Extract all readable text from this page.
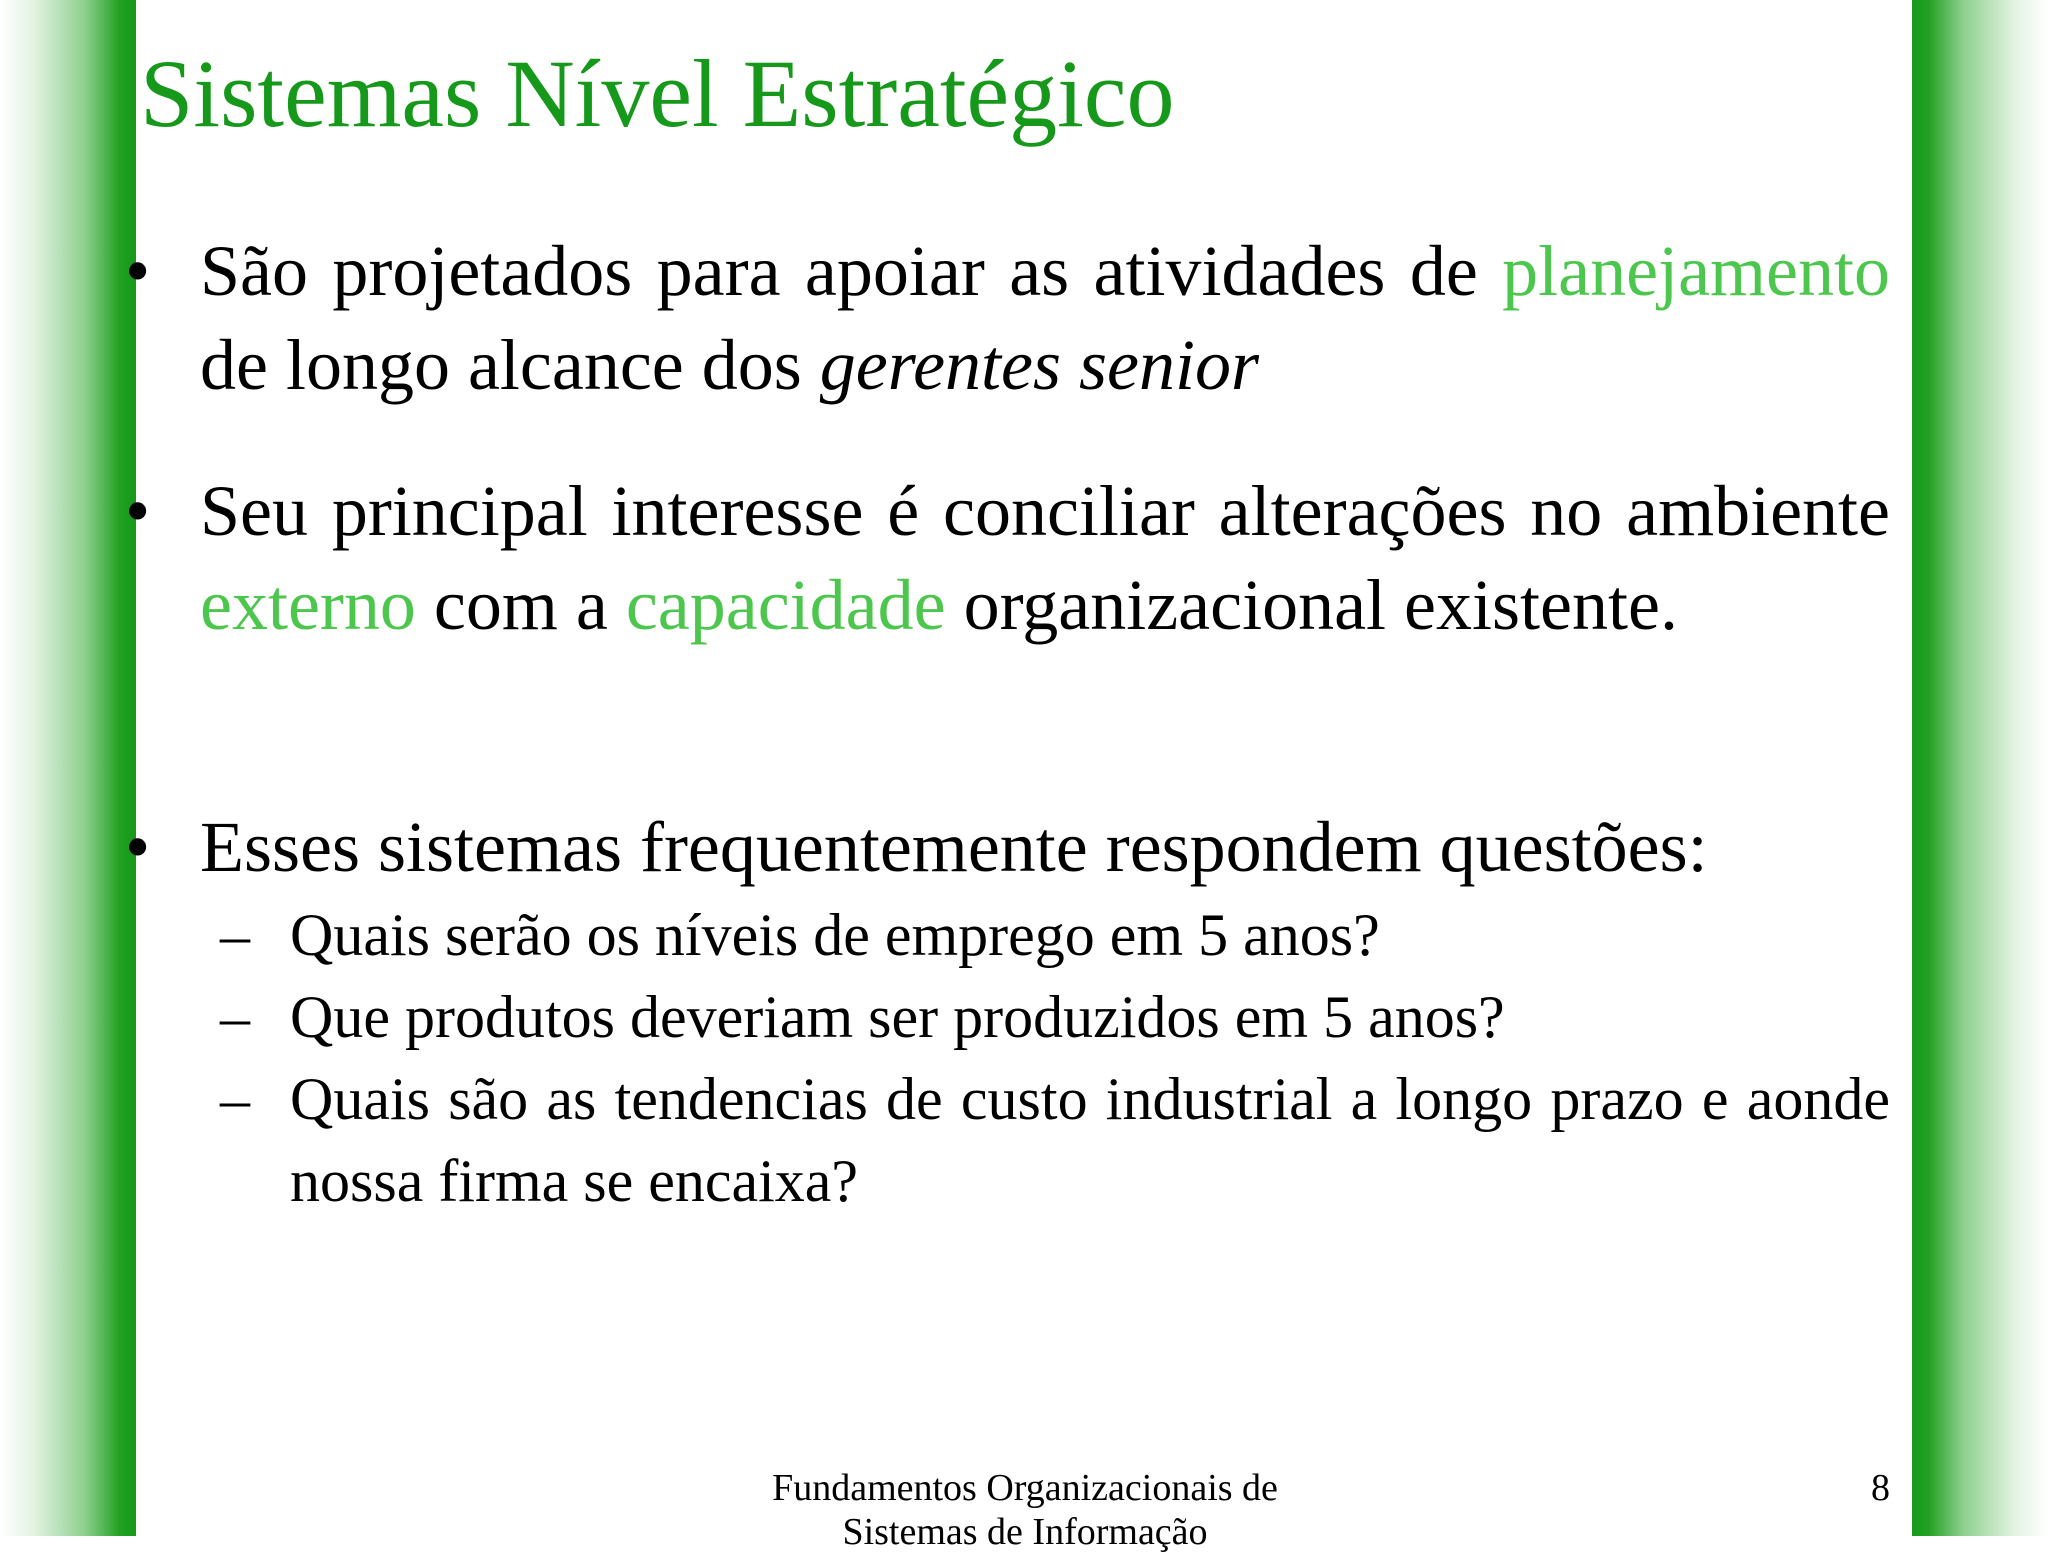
Sistemas Nível Estratégico
• São projetados para apoiar as atividades de planejamento de longo alcance dos gerentes senior
• Seu principal interesse é conciliar alterações no ambiente externo com a capacidade organizacional existente.
• Esses sistemas frequentemente respondem questões:
– Quais serão os níveis de emprego em 5 anos?
– Que produtos deveriam ser produzidos em 5 anos?
– Quais são as tendencias de custo industrial a longo prazo e aonde nossa firma se encaixa?
Fundamentos Organizacionais de Sistemas de Informação
8
